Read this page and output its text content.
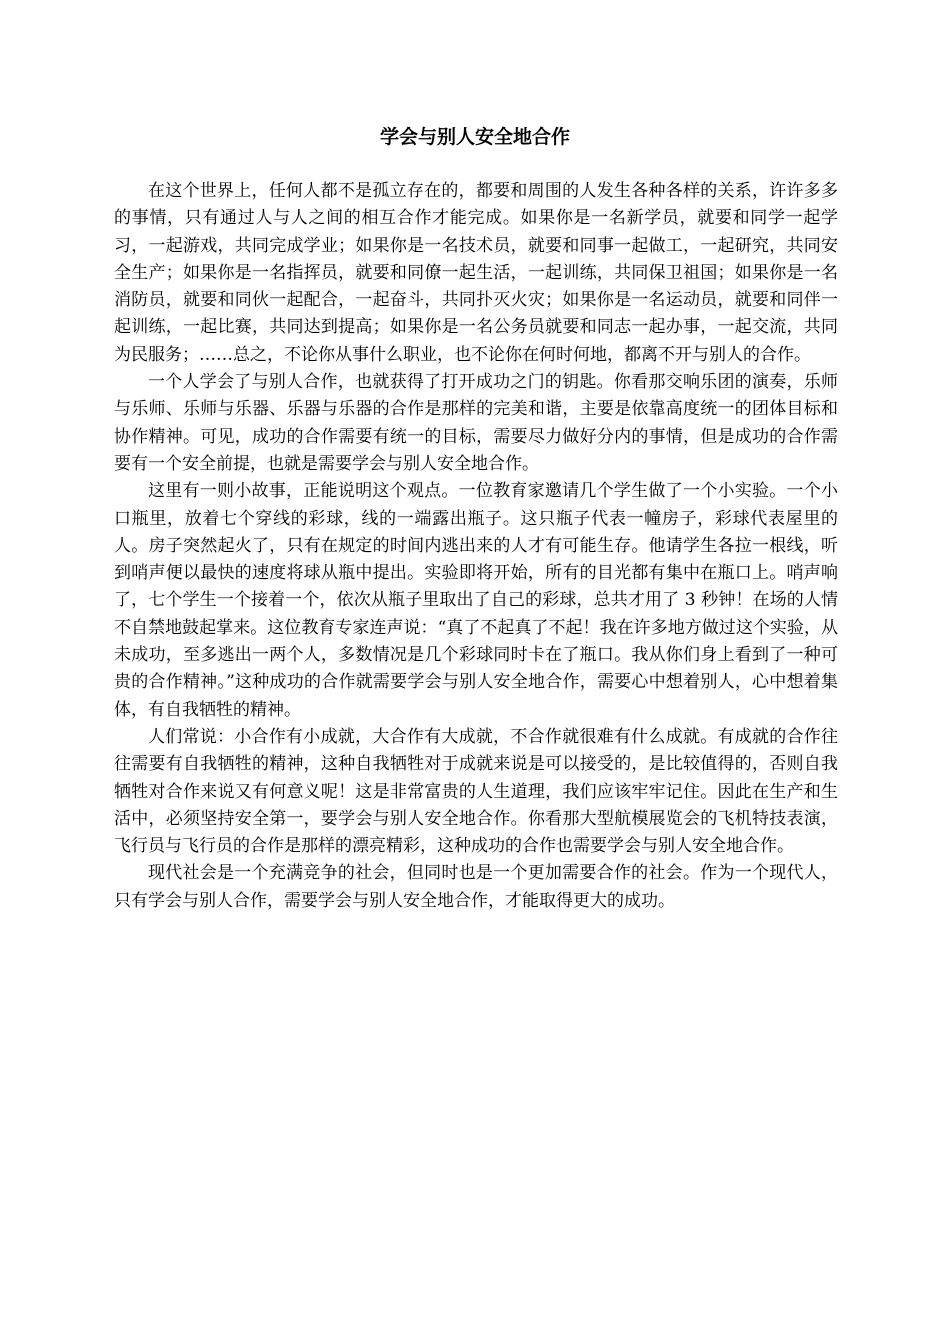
学会与别人安全地合作

在这个世界上，任何人都不是孤立存在的，都要和周围的人发生各种各样的关系，许许多多的事情，只有通过人与人之间的相互合作才能完成。如果你是一名新学员，就要和同学一起学习，一起游戏，共同完成学业；如果你是一名技术员，就要和同事一起做工，一起研究，共同安全生产；如果你是一名指挥员，就要和同僚一起生活，一起训练，共同保卫祖国；如果你是一名消防员，就要和同伙一起配合，一起奋斗，共同扑灭火灾；如果你是一名运动员，就要和同伴一起训练，一起比赛，共同达到提高；如果你是一名公务员就要和同志一起办事，一起交流，共同为民服务；……总之，不论你从事什么职业，也不论你在何时何地，都离不开与别人的合作。

一个人学会了与别人合作，也就获得了打开成功之门的钥匙。你看那交响乐团的演奏，乐师与乐师、乐师与乐器、乐器与乐器的合作是那样的完美和谐，主要是依靠高度统一的团体目标和协作精神。可见，成功的合作需要有统一的目标，需要尽力做好分内的事情，但是成功的合作需要有一个安全前提，也就是需要学会与别人安全地合作。

这里有一则小故事，正能说明这个观点。一位教育家邀请几个学生做了一个小实验。一个小口瓶里，放着七个穿线的彩球，线的一端露出瓶子。这只瓶子代表一幢房子，彩球代表屋里的人。房子突然起火了，只有在规定的时间内逃出来的人才有可能生存。他请学生各拉一根线，听到哨声便以最快的速度将球从瓶中提出。实验即将开始，所有的目光都有集中在瓶口上。哨声响了，七个学生一个接着一个，依次从瓶子里取出了自己的彩球，总共才用了 3 秒钟！在场的人情不自禁地鼓起掌来。这位教育专家连声说：“真了不起真了不起！我在许多地方做过这个实验，从未成功，至多逃出一两个人，多数情况是几个彩球同时卡在了瓶口。我从你们身上看到了一种可贵的合作精神。”这种成功的合作就需要学会与别人安全地合作，需要心中想着别人，心中想着集体，有自我牺牲的精神。

人们常说：小合作有小成就，大合作有大成就，不合作就很难有什么成就。有成就的合作往往需要有自我牺牲的精神，这种自我牺牲对于成就来说是可以接受的，是比较值得的，否则自我牺牲对合作来说又有何意义呢！这是非常富贵的人生道理，我们应该牢牢记住。因此在生产和生活中，必须坚持安全第一，要学会与别人安全地合作。你看那大型航模展览会的飞机特技表演，飞行员与飞行员的合作是那样的漂亮精彩，这种成功的合作也需要学会与别人安全地合作。

现代社会是一个充满竞争的社会，但同时也是一个更加需要合作的社会。作为一个现代人，只有学会与别人合作，需要学会与别人安全地合作，才能取得更大的成功。
